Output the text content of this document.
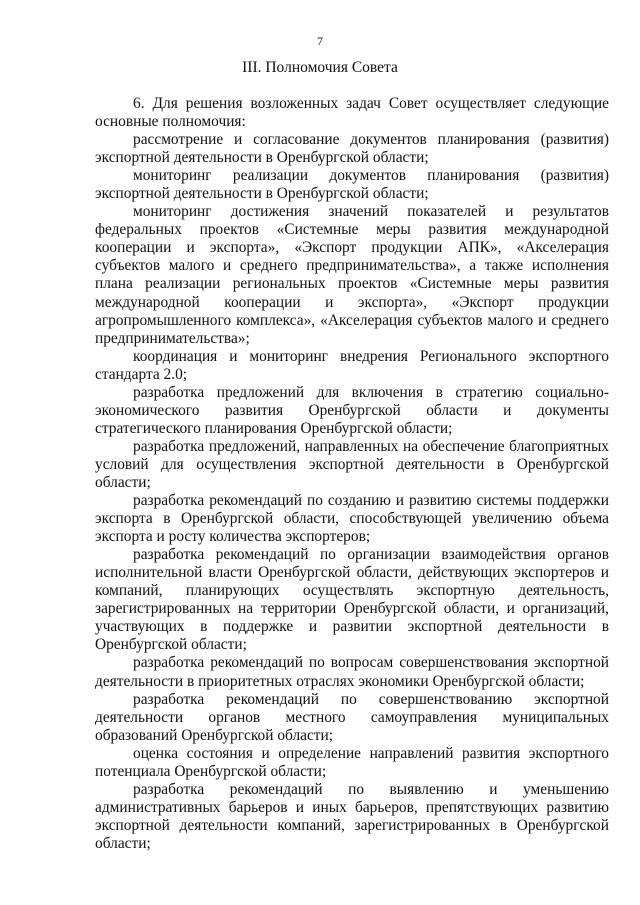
7
III. Полномочия Совета

6. Для решения возложенных задач Совет осуществляет следующие основные полномочия:

рассмотрение и согласование документов планирования (развития) экспортной деятельности в Оренбургской области;

мониторинг реализации документов планирования (развития) экспортной деятельности в Оренбургской области;

мониторинг достижения значений показателей и результатов федеральных проектов «Системные меры развития международной кооперации и экспорта», «Экспорт продукции АПК», «Акселерация субъектов малого и среднего предпринимательства», а также исполнения плана реализации региональных проектов «Системные меры развития международной кооперации и экспорта», «Экспорт продукции агропромышленного комплекса», «Акселерация субъектов малого и среднего предпринимательства»;

координация и мониторинг внедрения Регионального экспортного стандарта 2.0;

разработка предложений для включения в стратегию социально-экономического развития Оренбургской области и документы стратегического планирования Оренбургской области;

разработка предложений, направленных на обеспечение благоприятных условий для осуществления экспортной деятельности в Оренбургской области;

разработка рекомендаций по созданию и развитию системы поддержки экспорта в Оренбургской области, способствующей увеличению объема экспорта и росту количества экспортеров;

разработка рекомендаций по организации взаимодействия органов исполнительной власти Оренбургской области, действующих экспортеров и компаний, планирующих осуществлять экспортную деятельность, зарегистрированных на территории Оренбургской области, и организаций, участвующих в поддержке и развитии экспортной деятельности в Оренбургской области;

разработка рекомендаций по вопросам совершенствования экспортной деятельности в приоритетных отраслях экономики Оренбургской области;

разработка рекомендаций по совершенствованию экспортной деятельности органов местного самоуправления муниципальных образований Оренбургской области;

оценка состояния и определение направлений развития экспортного потенциала Оренбургской области;

разработка рекомендаций по выявлению и уменьшению административных барьеров и иных барьеров, препятствующих развитию экспортной деятельности компаний, зарегистрированных в Оренбургской области;
